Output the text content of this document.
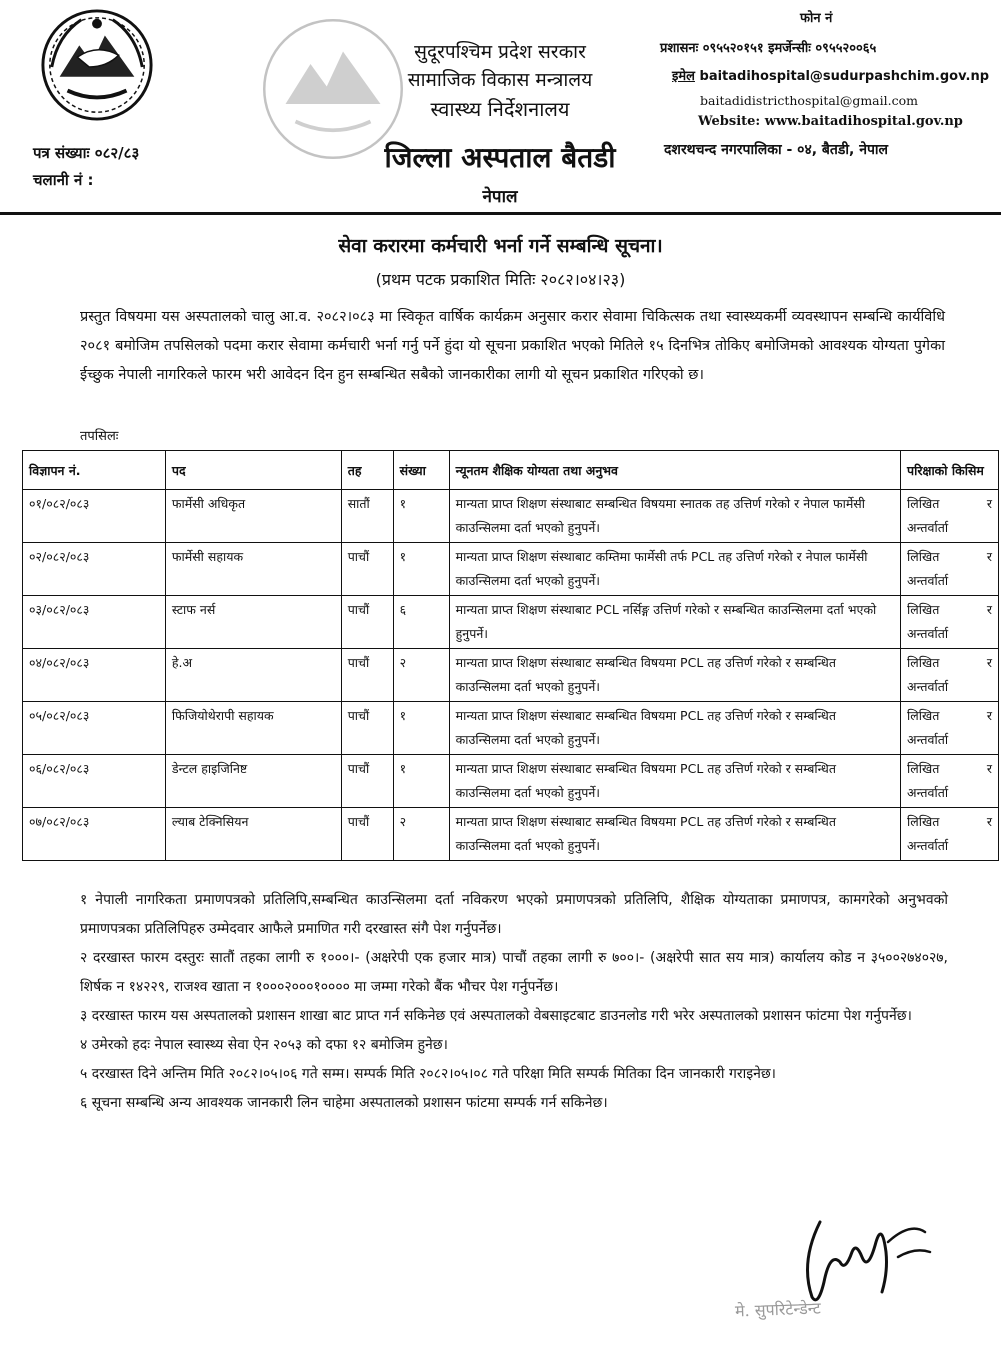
सुदूरपश्चिम प्रदेश सरकार
सामाजिक विकास मन्त्रालय
स्वास्थ्य निर्देशनालय
जिल्ला अस्पताल बैतडी
नेपाल
पत्र संख्याः ०८२/८३
चलानी नं :
फोन नं
प्रशासनः ०९५५२०१५१ इमर्जेन्सीः ०९५५२००६५
इमेल baitadihospital@sudurpashchim.gov.np
baitadidistricthospital@gmail.com
Website: www.baitadihospital.gov.np
दशरथचन्द नगरपालिका - ०४, बैतडी, नेपाल
सेवा करारमा कर्मचारी भर्ना गर्ने सम्बन्धि सूचना।
(प्रथम पटक प्रकाशित मितिः २०८२।०४।२३)
प्रस्तुत विषयमा यस अस्पतालको चालु आ.व. २०८२।०८३ मा स्विकृत वार्षिक कार्यक्रम अनुसार करार सेवामा चिकित्सक तथा स्वास्थ्यकर्मी व्यवस्थापन सम्बन्धि कार्यविधि २०८१ बमोजिम तपसिलको पदमा करार सेवामा कर्मचारी भर्ना गर्नु पर्ने हुंदा यो सूचना प्रकाशित भएको मितिले १५ दिनभित्र तोकिए बमोजिमको आवश्यक योग्यता पुगेका ईच्छुक नेपाली नागरिकले फारम भरी आवेदन दिन हुन सम्बन्धित सबैको जानकारीका लागी यो सूचन प्रकाशित गरिएको छ।
तपसिलः
विज्ञापन नं.	पद	तह	संख्या	न्यूनतम शैक्षिक योग्यता तथा अनुभव	परिक्षाको किसिम
०१/०८२/०८३	फार्मेसी अधिकृत	सातौं	१	मान्यता प्राप्त शिक्षण संस्थाबाट सम्बन्धित विषयमा स्नातक तह उत्तिर्ण गरेको र नेपाल फार्मेसी काउन्सिलमा दर्ता भएको हुनुपर्ने।	लिखित र
अन्तर्वार्ता

०२/०८२/०८३	फार्मेसी सहायक	पाचौं	१	मान्यता प्राप्त शिक्षण संस्थाबाट कम्तिमा फार्मेसी तर्फ PCL तह उत्तिर्ण गरेको र नेपाल फार्मेसी काउन्सिलमा दर्ता भएको हुनुपर्ने।	लिखित र
अन्तर्वार्ता

०३/०८२/०८३	स्टाफ नर्स	पाचौं	६	मान्यता प्राप्त शिक्षण संस्थाबाट PCL नर्सिङ्ग उत्तिर्ण गरेको र सम्बन्धित काउन्सिलमा दर्ता भएको हुनुपर्ने।	लिखित र
अन्तर्वार्ता

०४/०८२/०८३	हे.अ	पाचौं	२	मान्यता प्राप्त शिक्षण संस्थाबाट सम्बन्धित विषयमा PCL तह उत्तिर्ण गरेको र सम्बन्धित काउन्सिलमा दर्ता भएको हुनुपर्ने।	लिखित र
अन्तर्वार्ता

०५/०८२/०८३	फिजियोथेरापी सहायक	पाचौं	१	मान्यता प्राप्त शिक्षण संस्थाबाट सम्बन्धित विषयमा PCL तह उत्तिर्ण गरेको र सम्बन्धित काउन्सिलमा दर्ता भएको हुनुपर्ने।	लिखित र
अन्तर्वार्ता

०६/०८२/०८३	डेन्टल हाइजिनिष्ट	पाचौं	१	मान्यता प्राप्त शिक्षण संस्थाबाट सम्बन्धित विषयमा PCL तह उत्तिर्ण गरेको र सम्बन्धित काउन्सिलमा दर्ता भएको हुनुपर्ने।	लिखित र
अन्तर्वार्ता

०७/०८२/०८३	ल्याब टेक्निसियन	पाचौं	२	मान्यता प्राप्त शिक्षण संस्थाबाट सम्बन्धित विषयमा PCL तह उत्तिर्ण गरेको र सम्बन्धित काउन्सिलमा दर्ता भएको हुनुपर्ने।	लिखित र
अन्तर्वार्ता

१ नेपाली नागरिकता प्रमाणपत्रको प्रतिलिपि,सम्बन्धित काउन्सिलमा दर्ता नविकरण भएको प्रमाणपत्रको प्रतिलिपि, शैक्षिक योग्यताका प्रमाणपत्र, कामगरेको अनुभवको प्रमाणपत्रका प्रतिलिपिहरु उम्मेदवार आफैले प्रमाणित गरी दरखास्त संगै पेश गर्नुपर्नेछ।

२ दरखास्त फारम दस्तुरः सातौं तहका लागी रु १०००।- (अक्षरेपी एक हजार मात्र) पाचौं तहका लागी रु ७००।- (अक्षरेपी सात सय मात्र) कार्यालय कोड न ३५००२७४०२७, शिर्षक न १४२२९, राजश्व खाता न १०००२०००१०००० मा जम्मा गरेको बैंक भौचर पेश गर्नुपर्नेछ।

३ दरखास्त फारम यस अस्पतालको प्रशासन शाखा बाट प्राप्त गर्न सकिनेछ एवं अस्पतालको वेबसाइटबाट डाउनलोड गरी भरेर अस्पतालको प्रशासन फांटमा पेश गर्नुपर्नेछ।

४ उमेरको हदः नेपाल स्वास्थ्य सेवा ऐन २०५३ को दफा १२ बमोजिम हुनेछ।

५ दरखास्त दिने अन्तिम मिति २०८२।०५।०६ गते सम्म। सम्पर्क मिति २०८२।०५।०८ गते परिक्षा मिति सम्पर्क मितिका दिन जानकारी गराइनेछ।

६ सूचना सम्बन्धि अन्य आवश्यक जानकारी लिन चाहेमा अस्पतालको प्रशासन फांटमा सम्पर्क गर्न सकिनेछ।

मे. सुपरिटेन्डेन्ट
